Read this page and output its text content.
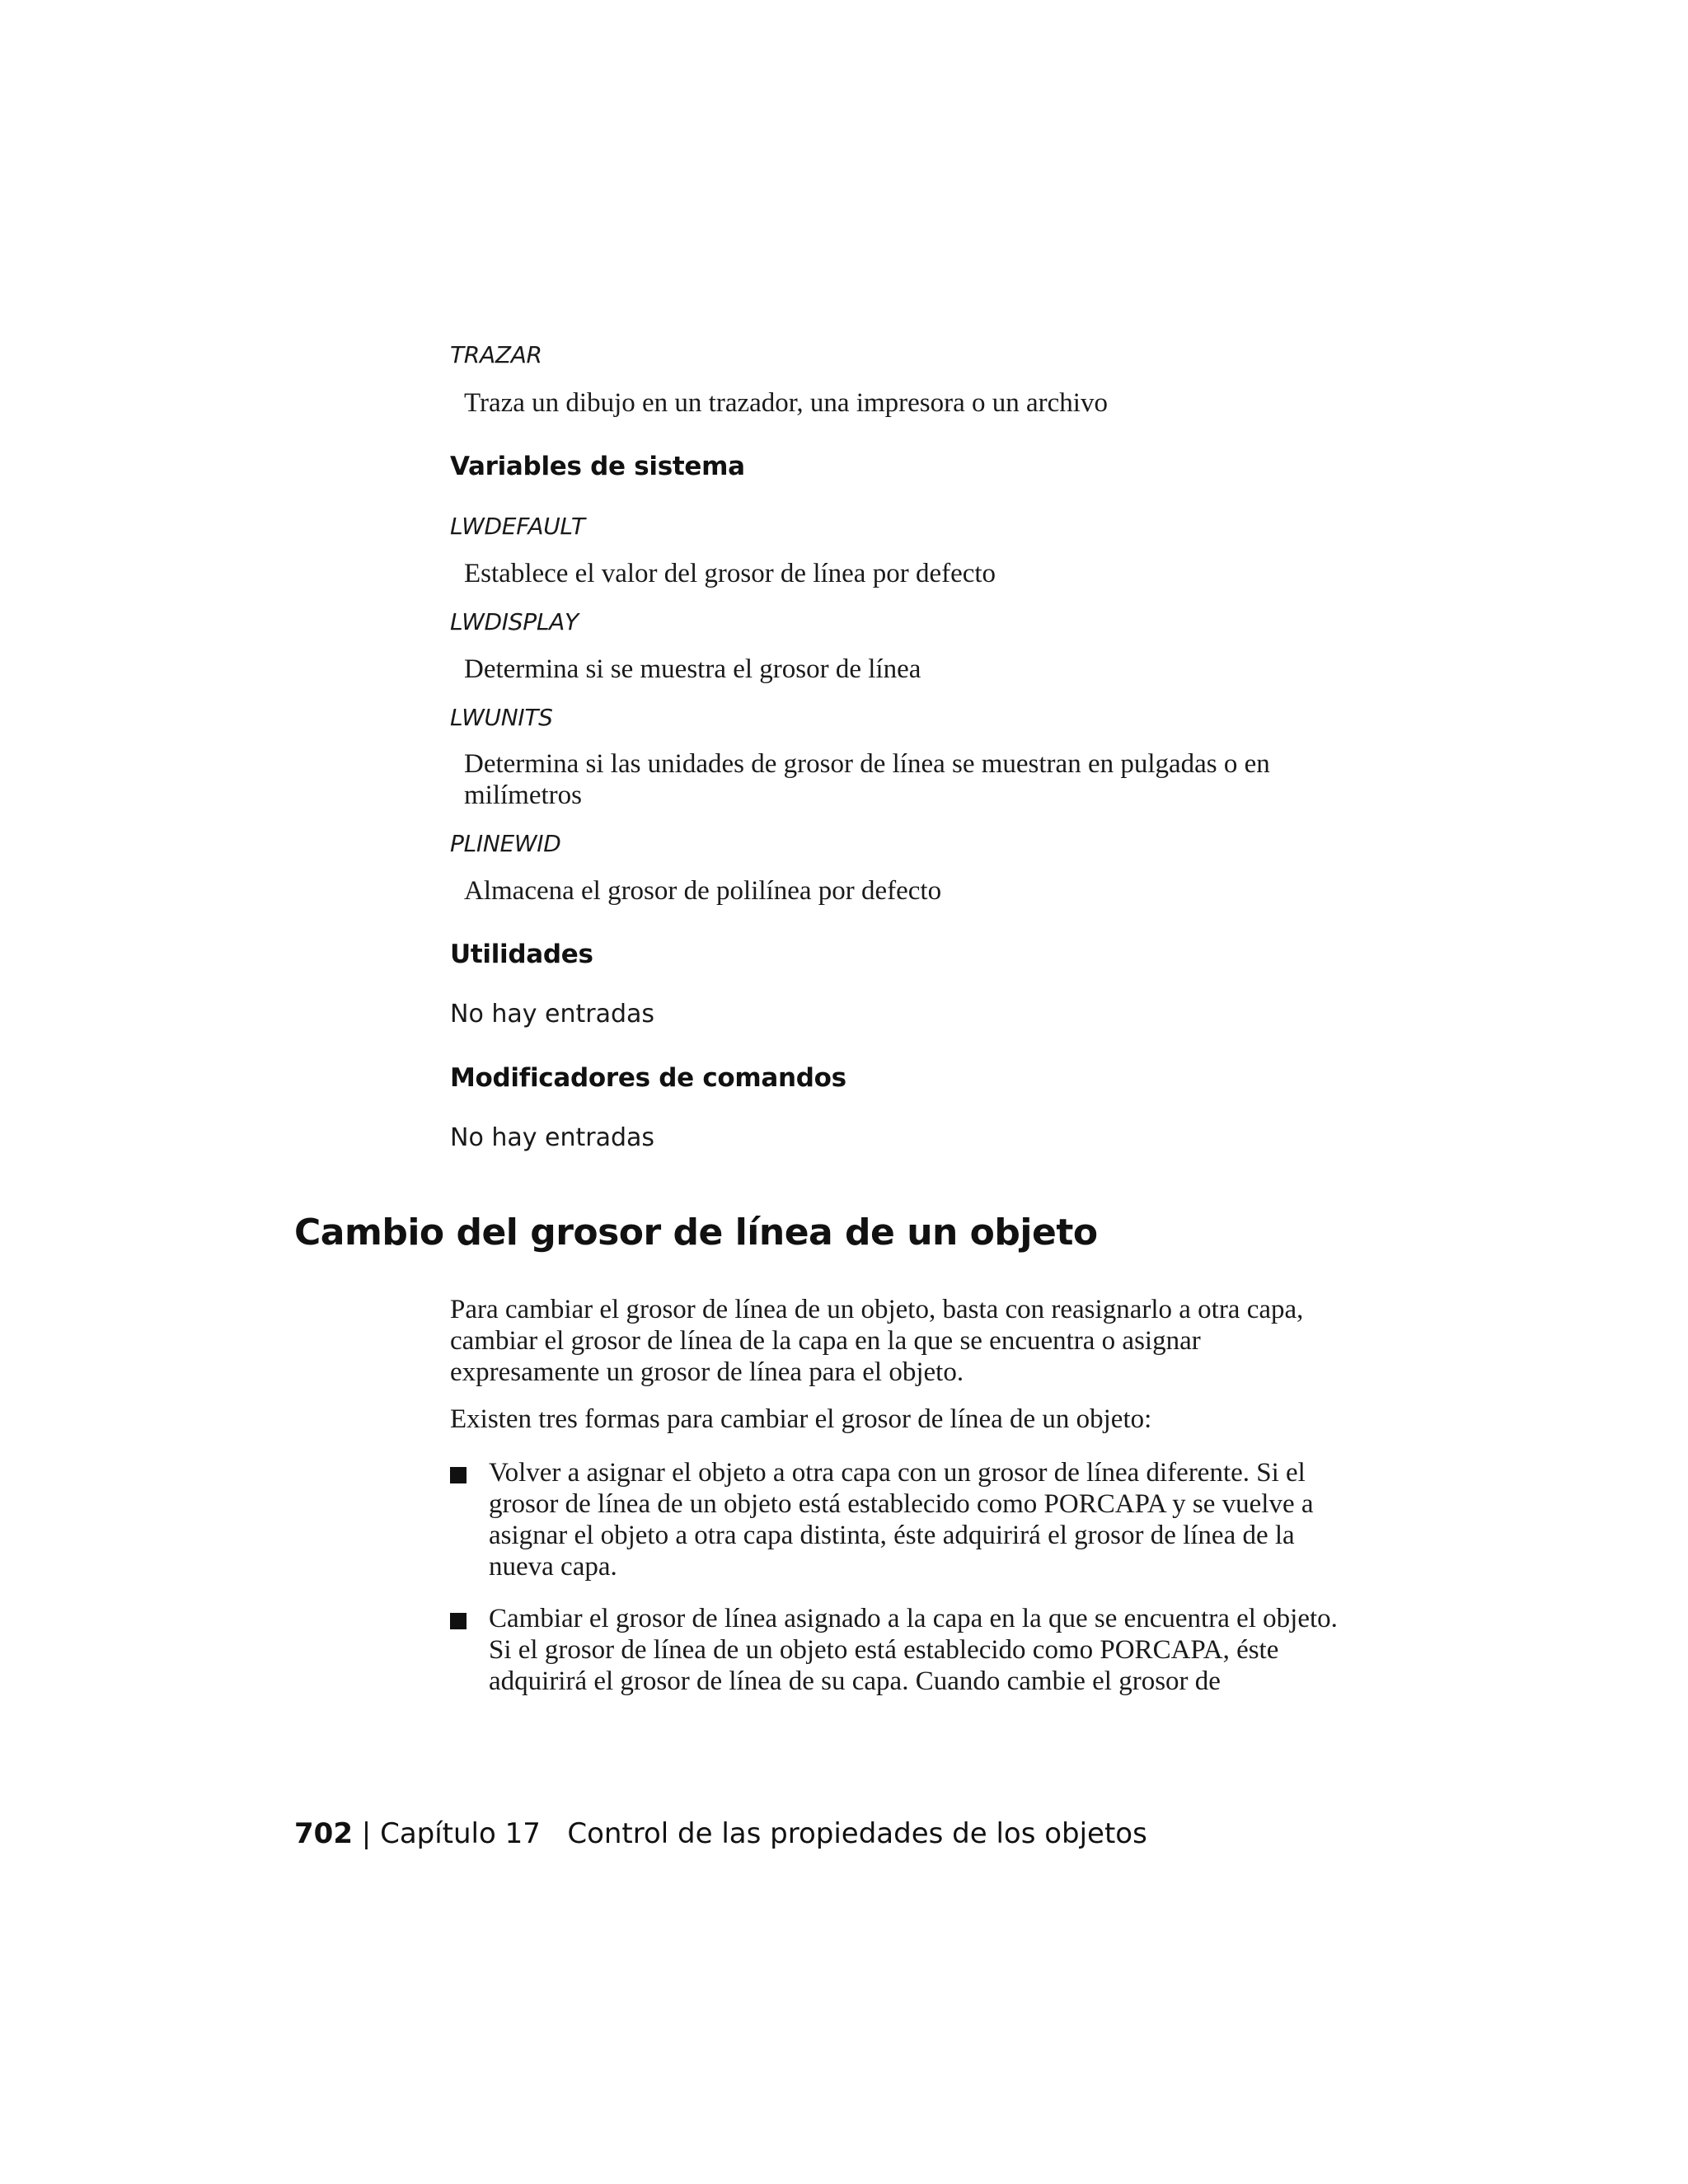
TRAZAR
Traza un dibujo en un trazador, una impresora o un archivo
Variables de sistema
LWDEFAULT
Establece el valor del grosor de línea por defecto
LWDISPLAY
Determina si se muestra el grosor de línea
LWUNITS
Determina si las unidades de grosor de línea se muestran en pulgadas o en milímetros
PLINEWID
Almacena el grosor de polilínea por defecto
Utilidades
No hay entradas
Modificadores de comandos
No hay entradas
Cambio del grosor de línea de un objeto
Para cambiar el grosor de línea de un objeto, basta con reasignarlo a otra capa, cambiar el grosor de línea de la capa en la que se encuentra o asignar expresamente un grosor de línea para el objeto.
Existen tres formas para cambiar el grosor de línea de un objeto:
Volver a asignar el objeto a otra capa con un grosor de línea diferente. Si el grosor de línea de un objeto está establecido como PORCAPA y se vuelve a asignar el objeto a otra capa distinta, éste adquirirá el grosor de línea de la nueva capa.
Cambiar el grosor de línea asignado a la capa en la que se encuentra el objeto. Si el grosor de línea de un objeto está establecido como PORCAPA, éste adquirirá el grosor de línea de su capa. Cuando cambie el grosor de
702 | Capítulo 17 Control de las propiedades de los objetos
